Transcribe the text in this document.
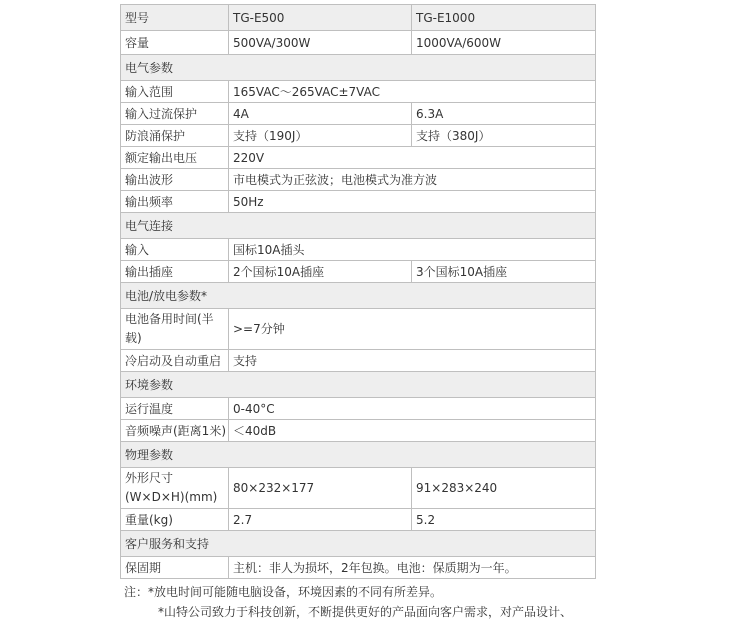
型号	TG-E500	TG-E1000
容量	500VA/300W	1000VA/600W
电气参数		
输入范围	165VAC～265VAC±7VAC	
输入过流保护	4A	6.3A
防浪涌保护	支持（190J）	支持（380J）
额定输出电压	220V	
输出波形	市电模式为正弦波；电池模式为准方波	
输出频率	50Hz	
电气连接		
输入	国标10A插头	
输出插座	2个国标10A插座	3个国标10A插座
电池/放电参数*		
电池备用时间(半载)	>=7分钟	
冷启动及自动重启	支持	
环境参数		
运行温度	0-40°C	
音频噪声(距离1米)	＜40dB	
物理参数		
外形尺寸(W×D×H)(mm)	80×232×177	91×283×240
重量(kg)	2.7	5.2
客户服务和支持		
保固期	主机：非人为损坏，2年包换。电池：保质期为一年。	
注：*放电时间可能随电脑设备，环境因素的不同有所差异。
*山特公司致力于科技创新，不断提供更好的产品面向客户需求，对产品设计、
